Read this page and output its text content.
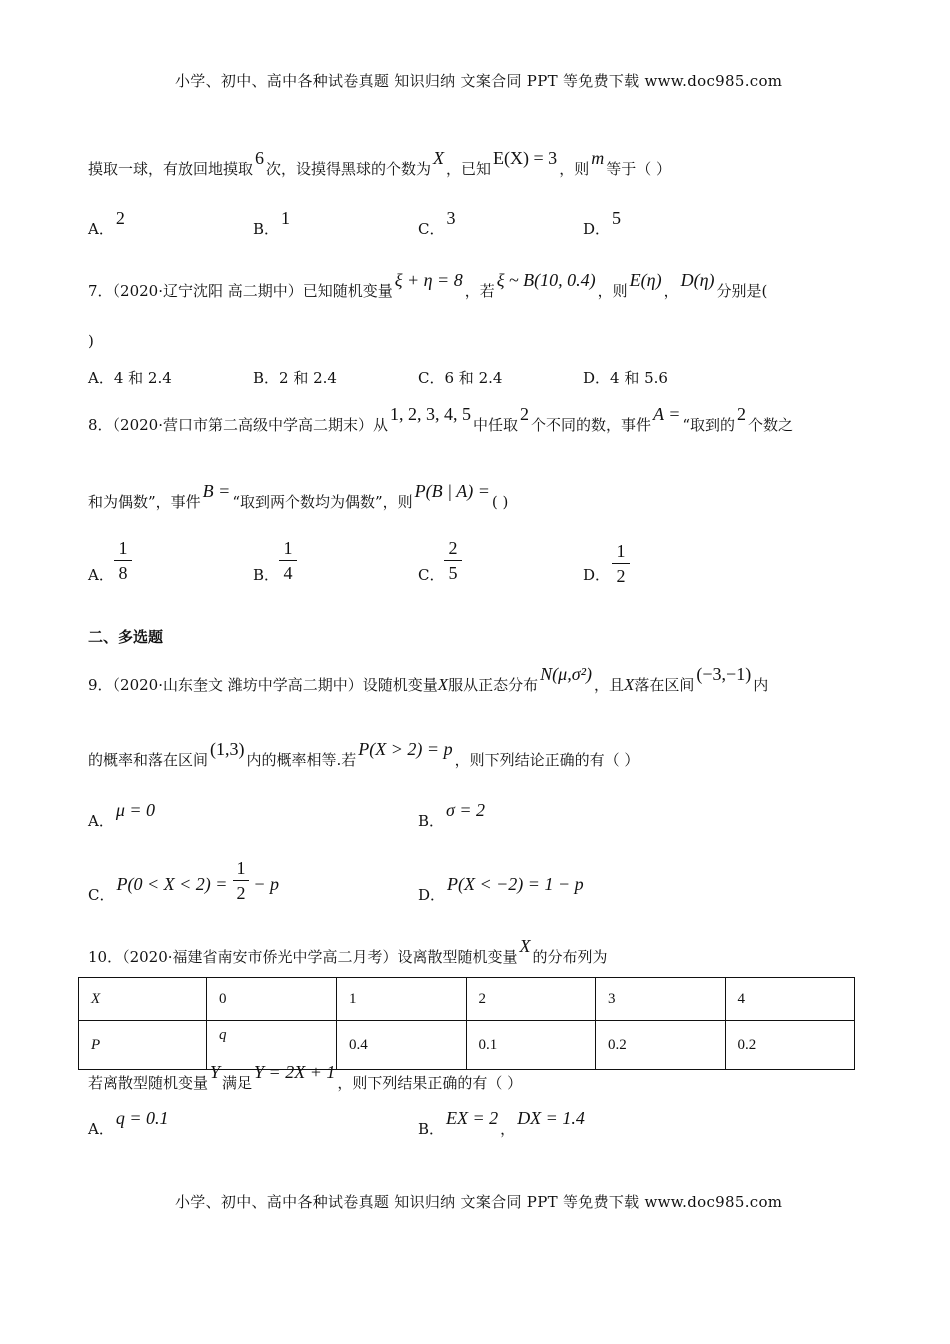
小学、初中、高中各种试卷真题 知识归纳 文案合同 PPT 等免费下载 www.doc985.com
小学、初中、高中各种试卷真题 知识归纳 文案合同 PPT 等免费下载 www.doc985.com
摸取一球，有放回地摸取6次，设摸得黑球的个数为X，已知E(X) = 3，则m等于（ ）
A．2
B．1
C．3
D．5
7．（2020·辽宁沈阳 高二期中）已知随机变量ξ + η = 8，若ξ ~ B(10, 0.4)，则E(η)，D(η)分别是(
)
A．4 和 2.4	B．2 和 2.4	C．6 和 2.4	D．4 和 5.6
8．（2020·营口市第二高级中学高二期末）从1, 2, 3, 4, 5中任取2个不同的数，事件A =“取到的2个数之
和为偶数”，事件B =“取到两个数均为偶数”，则P(B | A) =( )
A．
1
8	B．
1
4	C．
2
5	D．
1
2
二、多选题
9．（2020·山东奎文 潍坊中学高二期中）设随机变量X服从正态分布N(μ,σ²)，且X落在区间(−3,−1)内
的概率和落在区间(1,3)内的概率相等.若P(X > 2) = p，则下列结论正确的有（ ）
A．μ = 0
B．σ = 2
C．P(0 < X < 2) = − p
1
2	D．P(X < −2) = 1 − p
10．（2020·福建省南安市侨光中学高二月考）设离散型随机变量X的分布列为
X	0	1	2	3	4
P	q	0.4	0.1	0.2	0.2
若离散型随机变量Y满足Y = 2X + 1，则下列结果正确的有（ ）
A．q = 0.1
B．EX = 2，DX = 1.4
